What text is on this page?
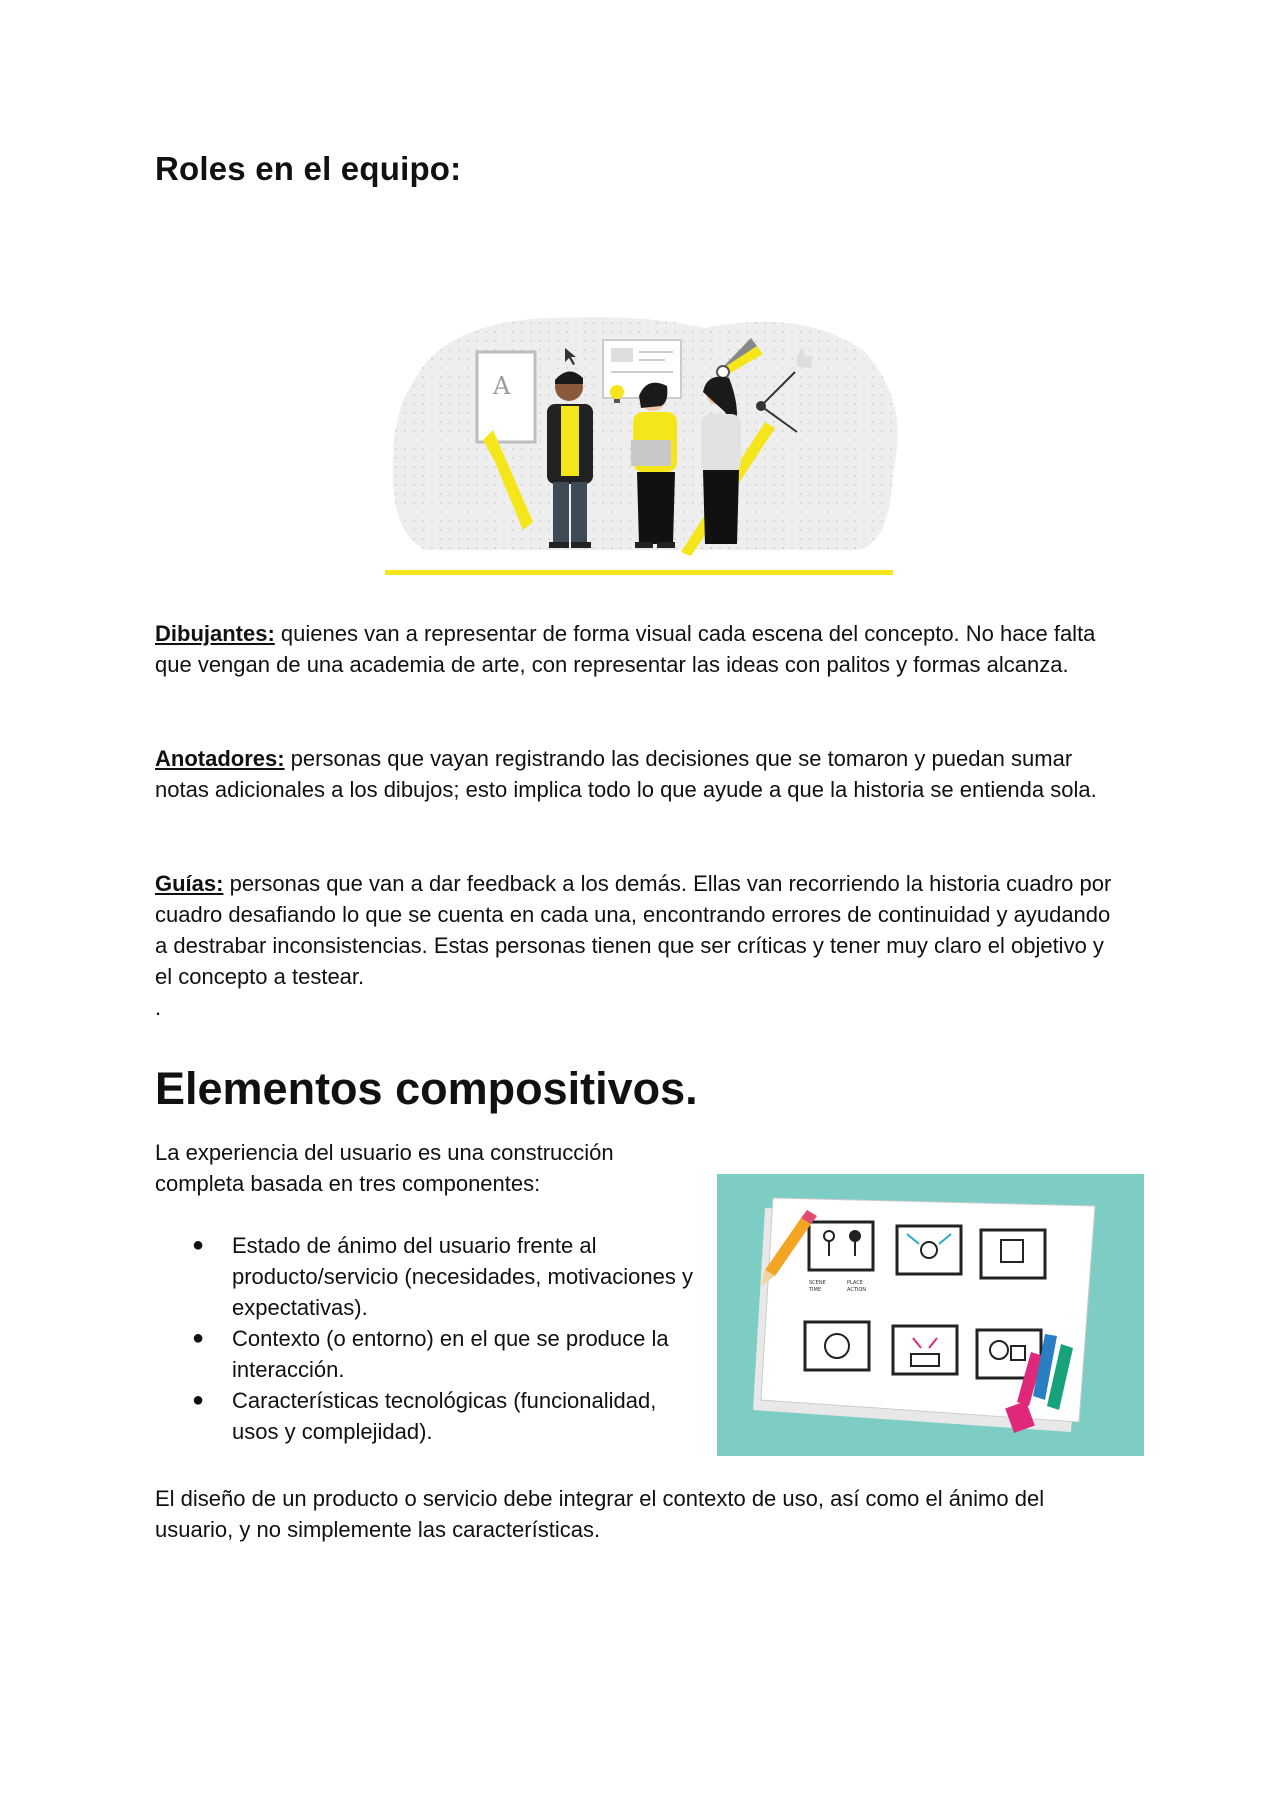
Roles en el equipo:
A

Dibujantes: quienes van a representar de forma visual cada escena del concepto. No hace falta que vengan de una academia de arte, con representar las ideas con palitos y formas alcanza.

Anotadores: personas que vayan registrando las decisiones que se tomaron y puedan sumar notas adicionales a los dibujos; esto implica todo lo que ayude a que la historia se entienda sola.

Guías: personas que van a dar feedback a los demás. Ellas van recorriendo la historia cuadro por cuadro desafiando lo que se cuenta en cada una, encontrando errores de continuidad y ayudando a destrabar inconsistencias. Estas personas tienen que ser críticas y tener muy claro el objetivo y el concepto a testear.

.

Elementos compositivos.

La experiencia del usuario es una construcción completa basada en tres componentes:

● Estado de ánimo del usuario frente al producto/servicio (necesidades, motivaciones y expectativas).
● Contexto (o entorno) en el que se produce la interacción.
● Características tecnológicas (funcionalidad, usos y complejidad).
SCENE
TIME
PLACE
ACTION

El diseño de un producto o servicio debe integrar el contexto de uso, así como el ánimo del usuario, y no simplemente las características.
